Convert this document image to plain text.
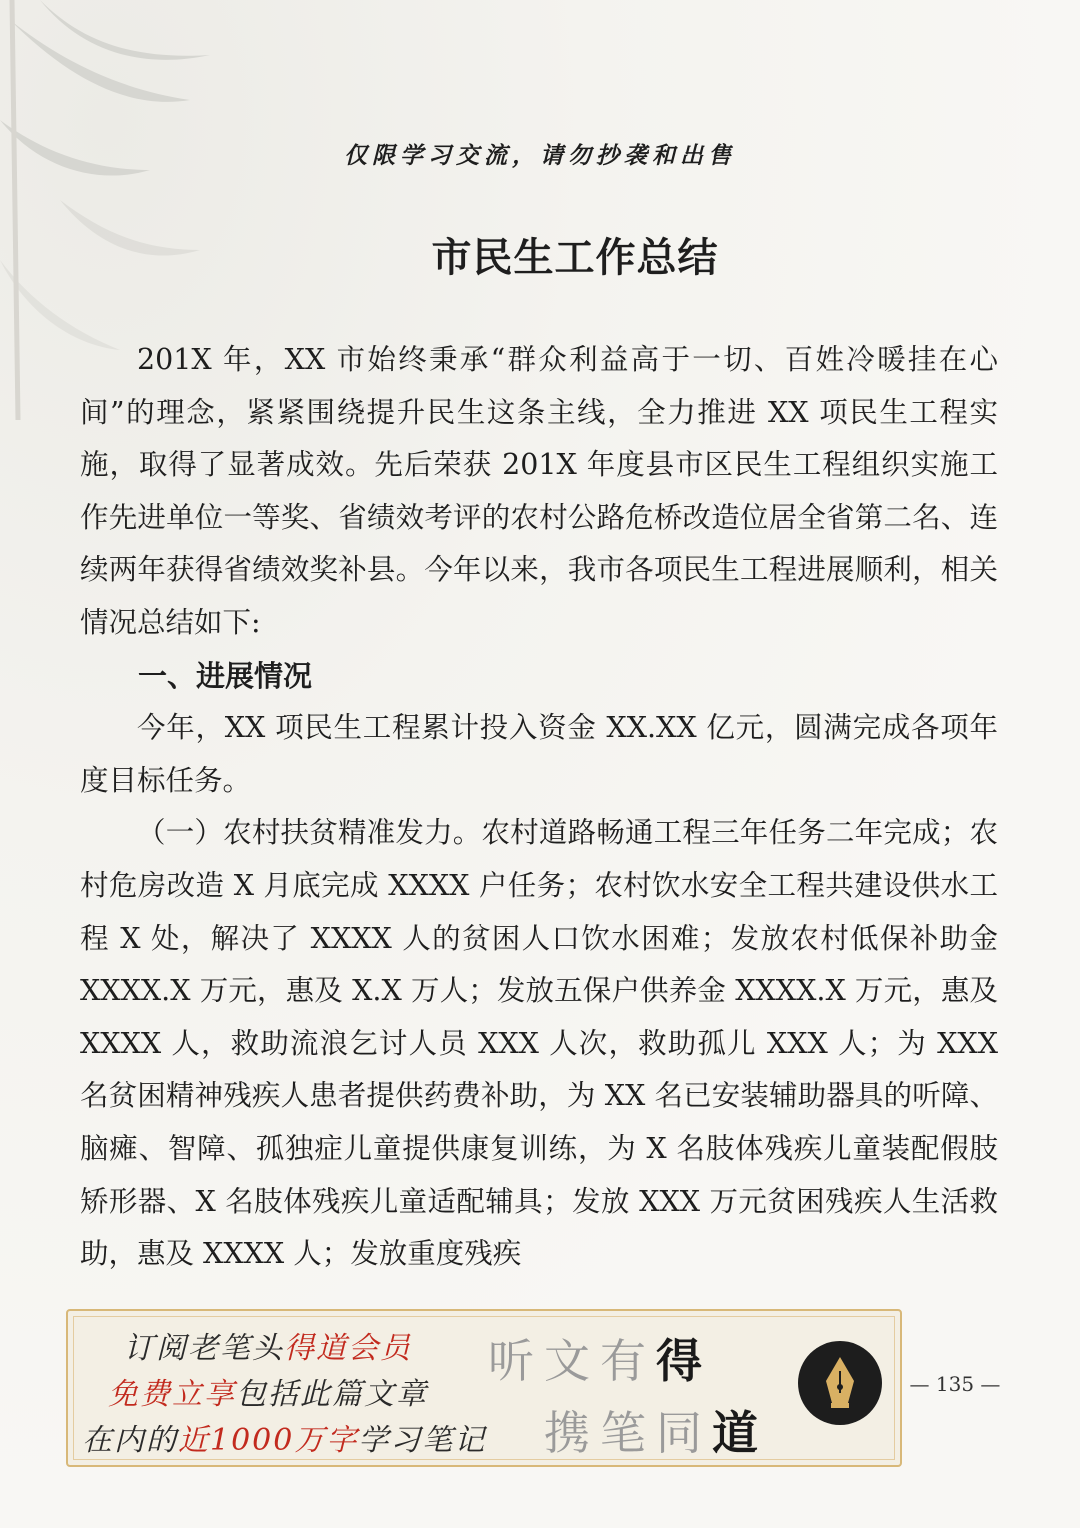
仅限学习交流，请勿抄袭和出售
市民生工作总结

201X 年，XX 市始终秉承“群众利益高于一切、百姓冷暖挂在心间”的理念，紧紧围绕提升民生这条主线，全力推进 XX 项民生工程实施，取得了显著成效。先后荣获 201X 年度县市区民生工程组织实施工作先进单位一等奖、省绩效考评的农村公路危桥改造位居全省第二名、连续两年获得省绩效奖补县。今年以来，我市各项民生工程进展顺利，相关情况总结如下:

一、进展情况

今年，XX 项民生工程累计投入资金 XX.XX 亿元，圆满完成各项年度目标任务。

（一）农村扶贫精准发力。农村道路畅通工程三年任务二年完成；农村危房改造 X 月底完成 XXXX 户任务；农村饮水安全工程共建设供水工程 X 处，解决了 XXXX 人的贫困人口饮水困难；发放农村低保补助金 XXXX.X 万元，惠及 X.X 万人；发放五保户供养金 XXXX.X 万元，惠及 XXXX 人，救助流浪乞讨人员 XXX 人次，救助孤儿 XXX 人；为 XXX 名贫困精神残疾人患者提供药费补助，为 XX 名已安装辅助器具的听障、脑瘫、智障、孤独症儿童提供康复训练，为 X 名肢体残疾儿童装配假肢矫形器、X 名肢体残疾儿童适配辅具；发放 XXX 万元贫困残疾人生活救助，惠及 XXXX 人；发放重度残疾

订阅老笔头得道会员
免费立享包括此篇文章
在内的近1000万字学习笔记
听文有得
携笔同道
— 135 —
